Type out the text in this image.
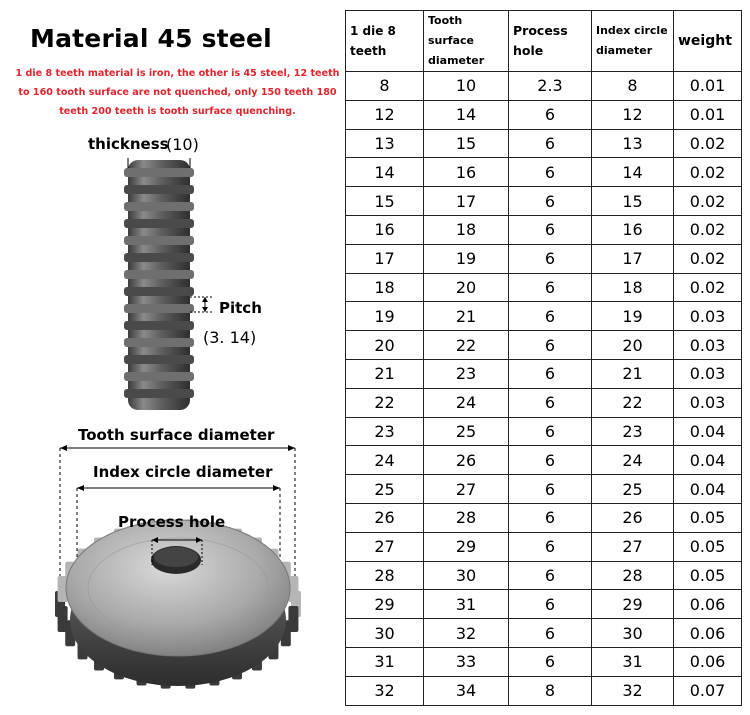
Material 45 steel
1 die 8 teeth material is iron, the other is 45 steel, 12 teeth to 160 tooth surface are not quenched, only 150 teeth 180 teeth 200 teeth is tooth surface quenching.
thickness
(10)
Pitch
(3. 14)
Tooth surface diameter
Index circle diameter
Process hole
1 die 8 teeth	Tooth surface diameter	Process hole	Index circle diameter	weight
8	10	2.3	8	0.01
12	14	6	12	0.01
13	15	6	13	0.02
14	16	6	14	0.02
15	17	6	15	0.02
16	18	6	16	0.02
17	19	6	17	0.02
18	20	6	18	0.02
19	21	6	19	0.03
20	22	6	20	0.03
21	23	6	21	0.03
22	24	6	22	0.03
23	25	6	23	0.04
24	26	6	24	0.04
25	27	6	25	0.04
26	28	6	26	0.05
27	29	6	27	0.05
28	30	6	28	0.05
29	31	6	29	0.06
30	32	6	30	0.06
31	33	6	31	0.06
32	34	8	32	0.07
